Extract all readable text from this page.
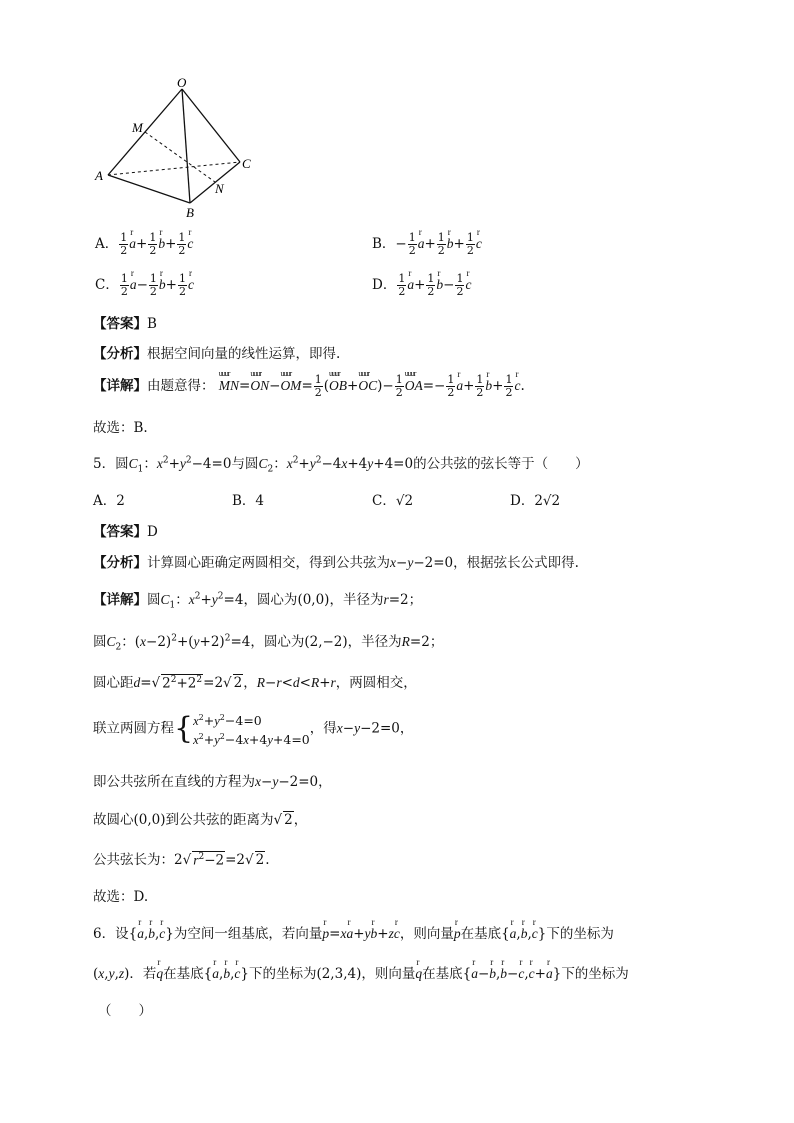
O
M
C
A
N
B
A． $\frac{1}{2}$ r $a+ \frac{1}{2}$ r $b+ \frac{1}{2}$ r c	B．− $\frac{1}{2}$ r $a+ \frac{1}{2}$ r $b+ \frac{1}{2}$ r c
C． $\frac{1}{2}$ r $a- \frac{1}{2}$ r $b+ \frac{1}{2}$ r c	D． $\frac{1}{2}$ r $a+ \frac{1}{2}$ r $b- \frac{1}{2}$ r c
【答案】B
【分析】根据空间向量的线性运算，即得.
【详解】由题意得： uuur MN=uuur ON−uuur $OM= \frac{1}{2}$ (uuur OB+uuur $OC)- \frac{1}{2}$ uuur $OA=- \frac{1}{2}$ r $a+ \frac{1}{2}$ r $b+ \frac{1}{2}$ r c.
故选：B.
5．圆$C_1$：$x^2+y^2-4=0$与圆$C_2$：$x^2+y^2-4x+4y+4=0$的公共弦的弦长等于（　　）
A．2	B．4	C．√2	D．2√2
【答案】D
【分析】计算圆心距确定两圆相交，得到公共弦为x−y−2=0，根据弦长公式即得.
【详解】圆$C_1$：$x^2+y^2=4$，圆心为(0,0)，半径为r=2；
圆$C_2$：$(x-2)^2+(y+2)^2=4$，圆心为(2,−2)，半径为R=2；
圆心距d=√ $2^2+2^2=2√$ 2，R−r<d<R+r，两圆相交，
联立两圆方程{$x^2+y^2-4=0$
$x^2+y^2-4x+4y+4=0$，得x−y−2=0，
即公共弦所在直线的方程为x−y−2=0，
故圆心(0,0)到公共弦的距离为√ 2，
公共弦长为：2√ $r^2-2=2√$ 2.
故选：D.
6．设{r a,r b,r c}为空间一组基底，若向量r p=xr a+yr b+zr c，则向量r p在基底{r a,r b,r c}下的坐标为
(x,y,z)．若r q在基底{r a,r b,r c}下的坐标为(2,3,4)，则向量r q在基底{r a−r b,r b−r c,r c+r a}下的坐标为
（　　）
